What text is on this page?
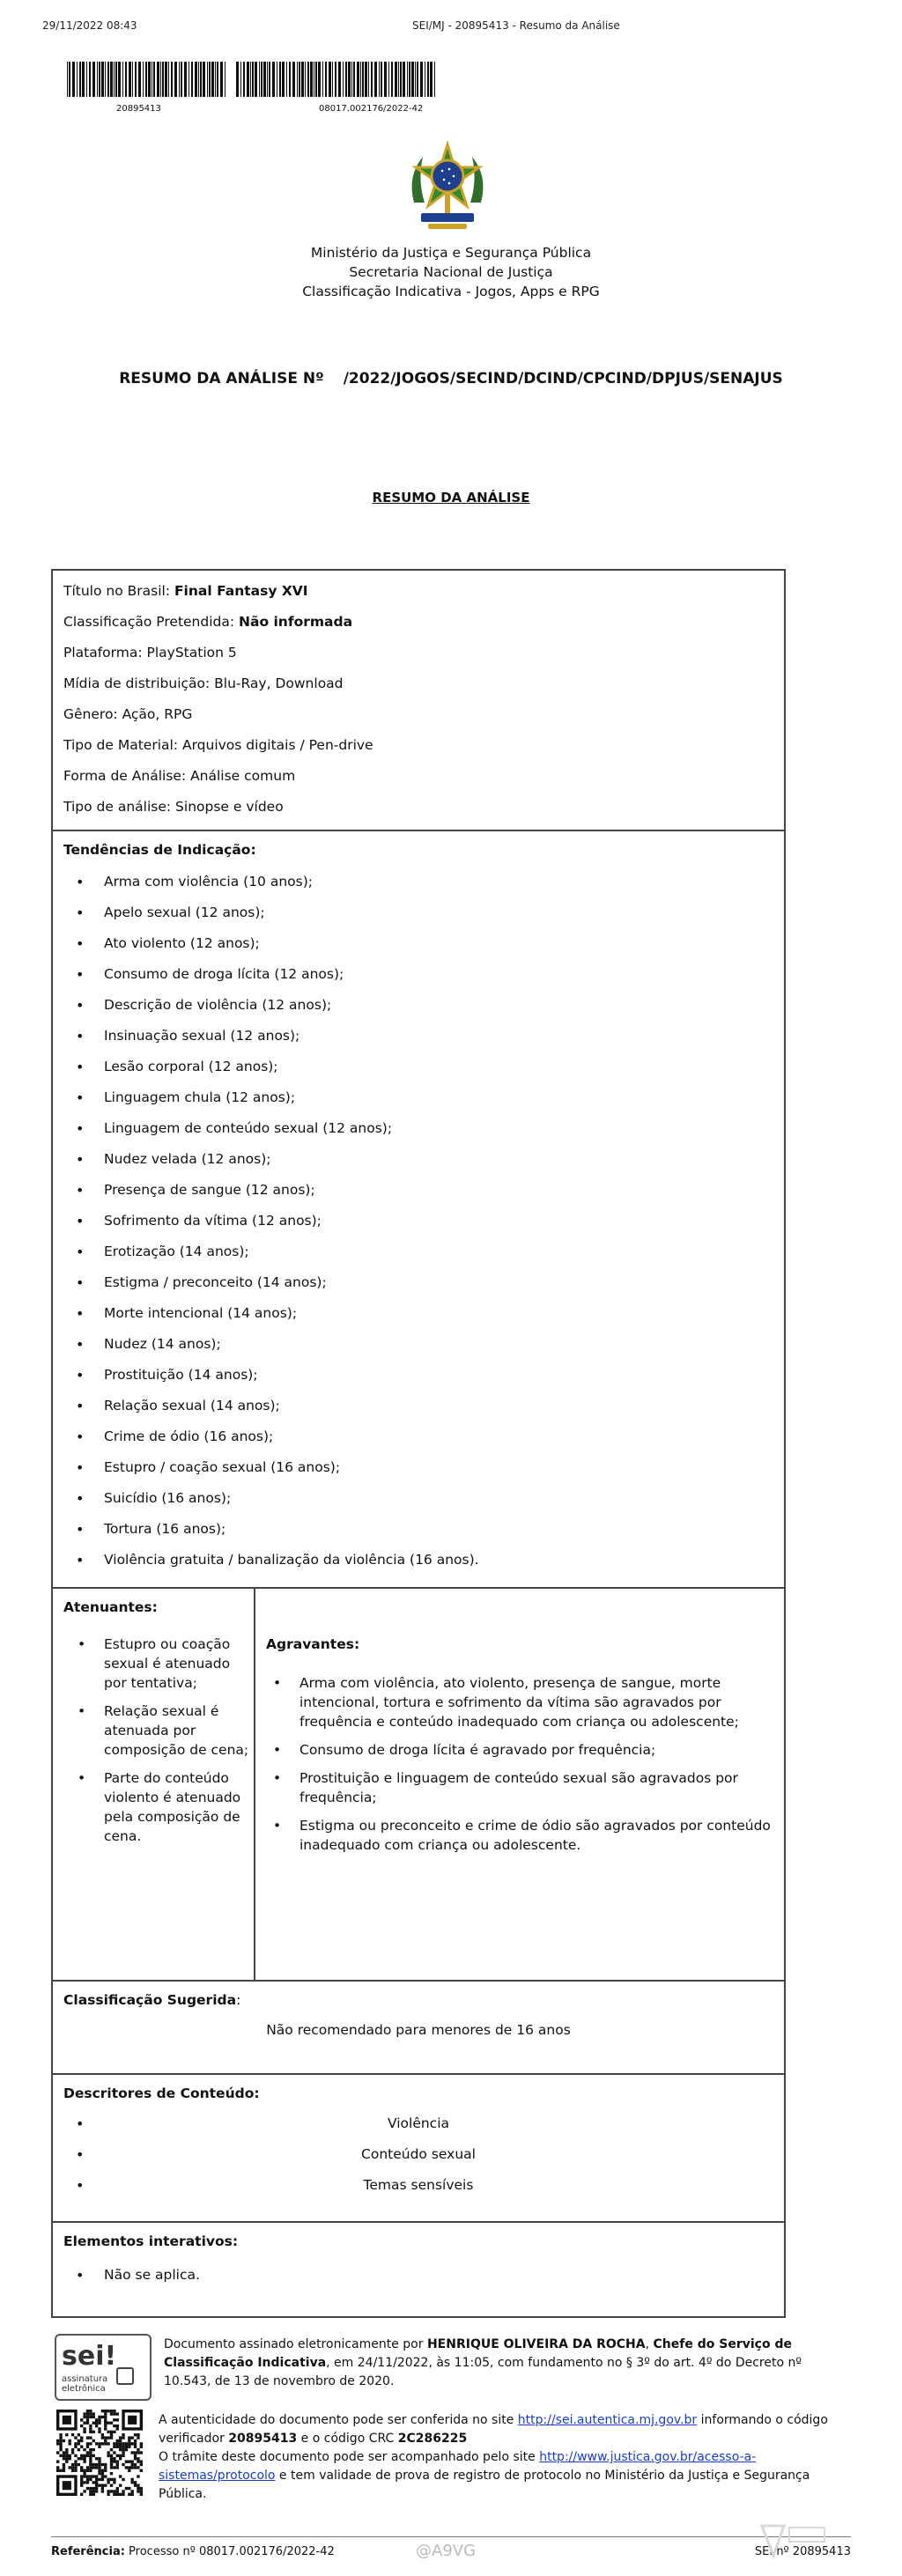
29/11/2022 08:43	SEI/MJ - 20895413 - Resumo da Análise
20895413	08017.002176/2022-42
Ministério da Justiça e Segurança Pública
Secretaria Nacional de Justiça
Classificação Indicativa - Jogos, Apps e RPG
RESUMO DA ANÁLISE Nº /2022/JOGOS/SECIND/DCIND/CPCIND/DPJUS/SENAJUS
RESUMO DA ANÁLISE
Título no Brasil: Final Fantasy XVI
Classificação Pretendida: Não informada
Plataforma: PlayStation 5
Mídia de distribuição: Blu-Ray, Download
Gênero: Ação, RPG
Tipo de Material: Arquivos digitais / Pen-drive
Forma de Análise: Análise comum
Tipo de análise: Sinopse e vídeo
Tendências de Indicação:
• Arma com violência (10 anos);
• Apelo sexual (12 anos);
• Ato violento (12 anos);
• Consumo de droga lícita (12 anos);
• Descrição de violência (12 anos);
• Insinuação sexual (12 anos);
• Lesão corporal (12 anos);
• Linguagem chula (12 anos);
• Linguagem de conteúdo sexual (12 anos);
• Nudez velada (12 anos);
• Presença de sangue (12 anos);
• Sofrimento da vítima (12 anos);
• Erotização (14 anos);
• Estigma / preconceito (14 anos);
• Morte intencional (14 anos);
• Nudez (14 anos);
• Prostituição (14 anos);
• Relação sexual (14 anos);
• Crime de ódio (16 anos);
• Estupro / coação sexual (16 anos);
• Suicídio (16 anos);
• Tortura (16 anos);
• Violência gratuita / banalização da violência (16 anos).
Atenuantes:
• Estupro ou coação sexual é atenuado por tentativa;
• Relação sexual é atenuada por composição de cena;
• Parte do conteúdo violento é atenuado pela composição de cena.
Agravantes:
• Arma com violência, ato violento, presença de sangue, morte intencional, tortura e sofrimento da vítima são agravados por frequência e conteúdo inadequado com criança ou adolescente;
• Consumo de droga lícita é agravado por frequência;
• Prostituição e linguagem de conteúdo sexual são agravados por frequência;
• Estigma ou preconceito e crime de ódio são agravados por conteúdo inadequado com criança ou adolescente.
Classificação Sugerida:
Não recomendado para menores de 16 anos
Descritores de Conteúdo:
• Violência
• Conteúdo sexual
• Temas sensíveis
Elementos interativos:
• Não se aplica.
sei!
assinatura
eletrônica
Documento assinado eletronicamente por HENRIQUE OLIVEIRA DA ROCHA, Chefe do Serviço de Classificação Indicativa, em 24/11/2022, às 11:05, com fundamento no § 3º do art. 4º do Decreto nº 10.543, de 13 de novembro de 2020.
A autenticidade do documento pode ser conferida no site http://sei.autentica.mj.gov.br informando o código verificador 20895413 e o código CRC 2C286225
O trâmite deste documento pode ser acompanhado pelo site http://www.justica.gov.br/acesso-a-sistemas/protocolo e tem validade de prova de registro de protocolo no Ministério da Justiça e Segurança Pública.
Referência: Processo nº 08017.002176/2022-42	SEI nº 20895413
@A9VG
